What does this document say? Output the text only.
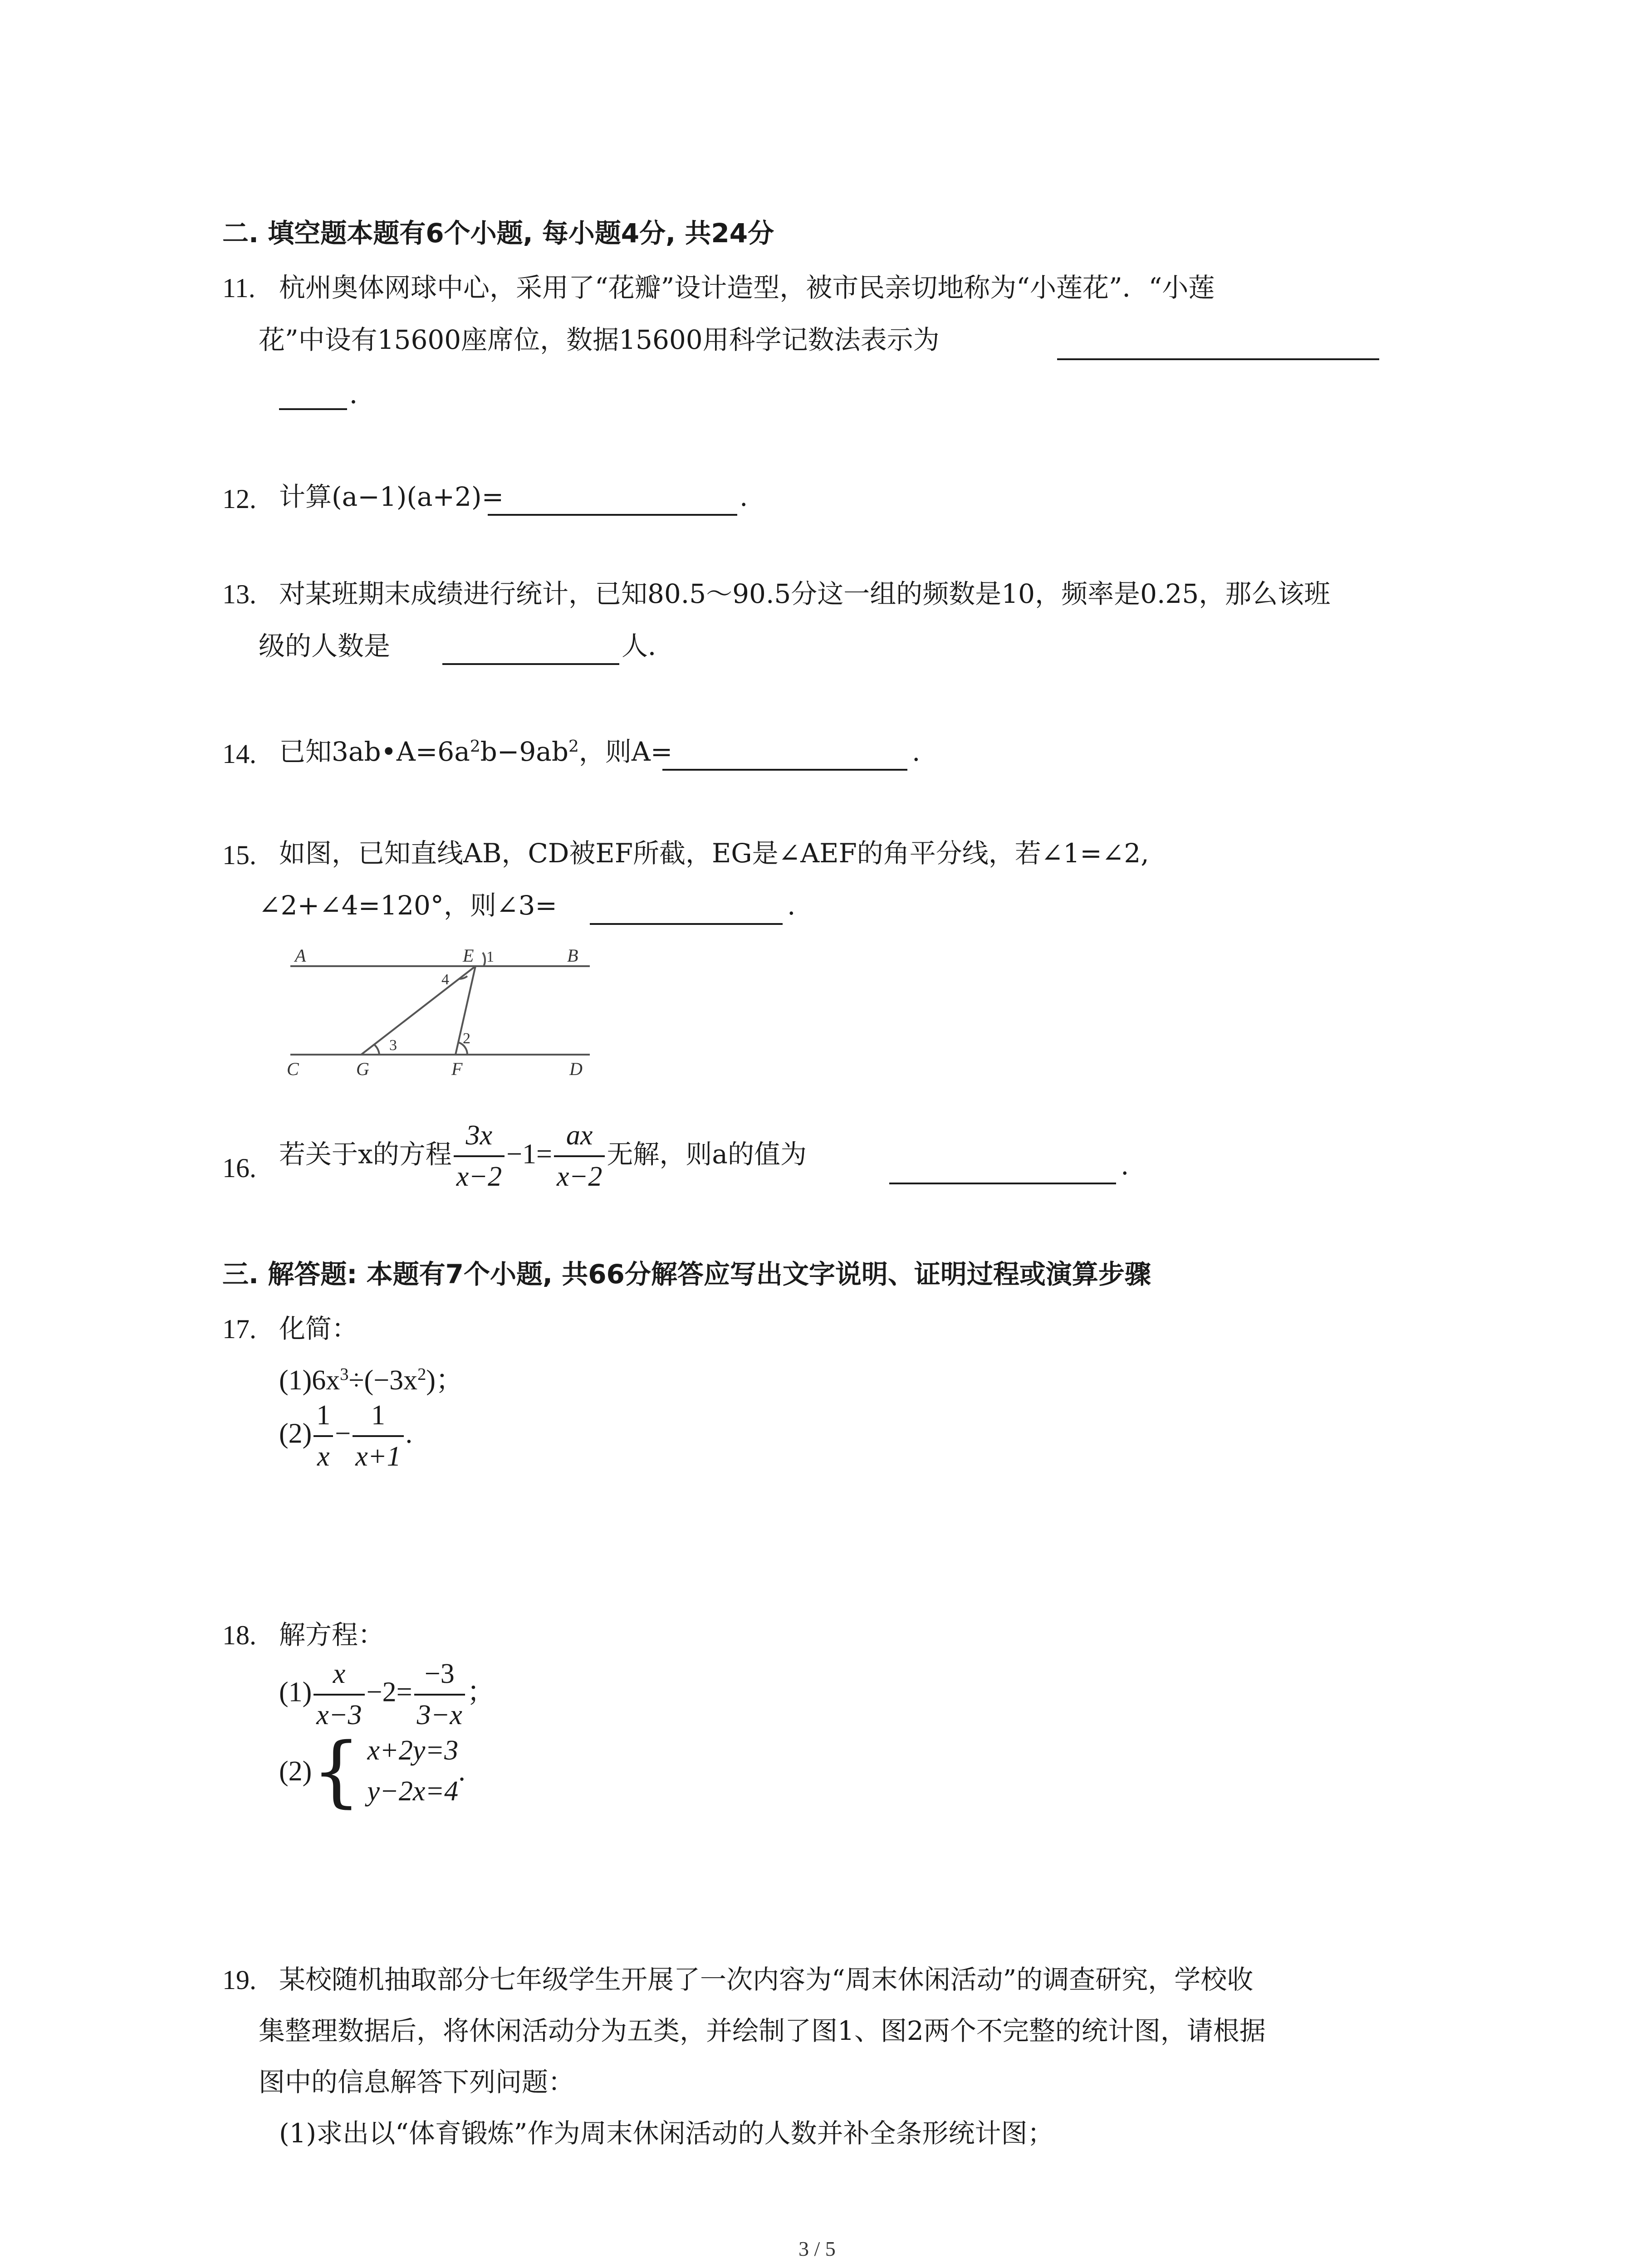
二. 填空题本题有6个小题, 每小题4分, 共24分
11. 杭州奥体网球中心，采用了“花瓣”设计造型，被市民亲切地称为“小莲花”．“小莲
花”中设有15600座席位，数据15600用科学记数法表示为
．
12. 计算(a−1)(a+2)=	.
13. 对某班期末成绩进行统计，已知80.5～90.5分这一组的频数是10，频率是0.25，那么该班
级的人数是	人．
14. 已知$3ab•A=6a^2b-9ab^2$，则A=	.
15. 如图，已知直线AB，CD被EF所截，EG是∠AEF的角平分线，若∠1=∠2,
∠2+∠4=120°，则∠3=	.
A	B
C	D
E
F
G
1
2
3
4
16. 若关于x的方程 $\frac{3x}{x-2} -1= \frac{ax}{x-2}$ 无解，则a的值为	.
三. 解答题: 本题有7个小题, 共66分解答应写出文字说明、证明过程或演算步骤
17. 化简：
$(1)6x^3\div(-3x^2)$；
$(2) \frac{1}{x} - \frac{1}{x+1}$ .
18. 解方程：
$(1) \frac{x}{x-3} -2= \frac{-3}{3-x}$ ；
(2){ x+2y=3
y−2x=4
.
19. 某校随机抽取部分七年级学生开展了一次内容为“周末休闲活动”的调查研究，学校收
集整理数据后，将休闲活动分为五类，并绘制了图1、图2两个不完整的统计图，请根据
图中的信息解答下列问题：
(1)求出以“体育锻炼”作为周末休闲活动的人数并补全条形统计图；
3 / 5
